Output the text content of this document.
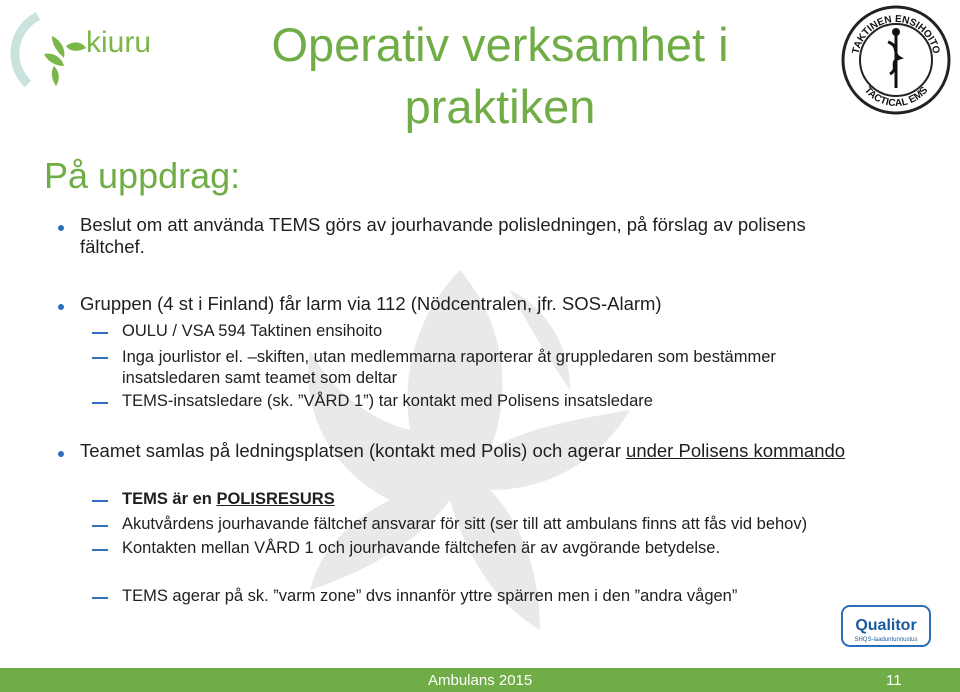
kiuru	TAKTINEN ENSIHOITO
TACTICAL EMS
Operativ verksamhet i praktiken
På uppdrag:
Beslut om att använda TEMS görs av jourhavande polisledningen, på förslag av polisens fältchef.
Gruppen (4 st i Finland) får larm via 112 (Nödcentralen, jfr. SOS-Alarm)
OULU / VSA 594 Taktinen ensihoito
Inga jourlistor el. –skiften, utan medlemmarna raporterar åt gruppledaren som bestämmer insatsledaren samt teamet som deltar
TEMS-insatsledare (sk. ”VÅRD 1”) tar kontakt med Polisens insatsledare
Teamet samlas på ledningsplatsen (kontakt med Polis) och agerar under Polisens kommando
TEMS är en POLISRESURS
Akutvårdens jourhavande fältchef ansvarar för sitt (ser till att ambulans finns att fås vid behov)
Kontakten mellan VÅRD 1 och jourhavande fältchefen är av avgörande betydelse.
TEMS agerar på sk. ”varm zone” dvs innanför yttre spärren men i den ”andra vågen”
Qualitor
SHQS-laaduntunnustus
Ambulans 2015	11
